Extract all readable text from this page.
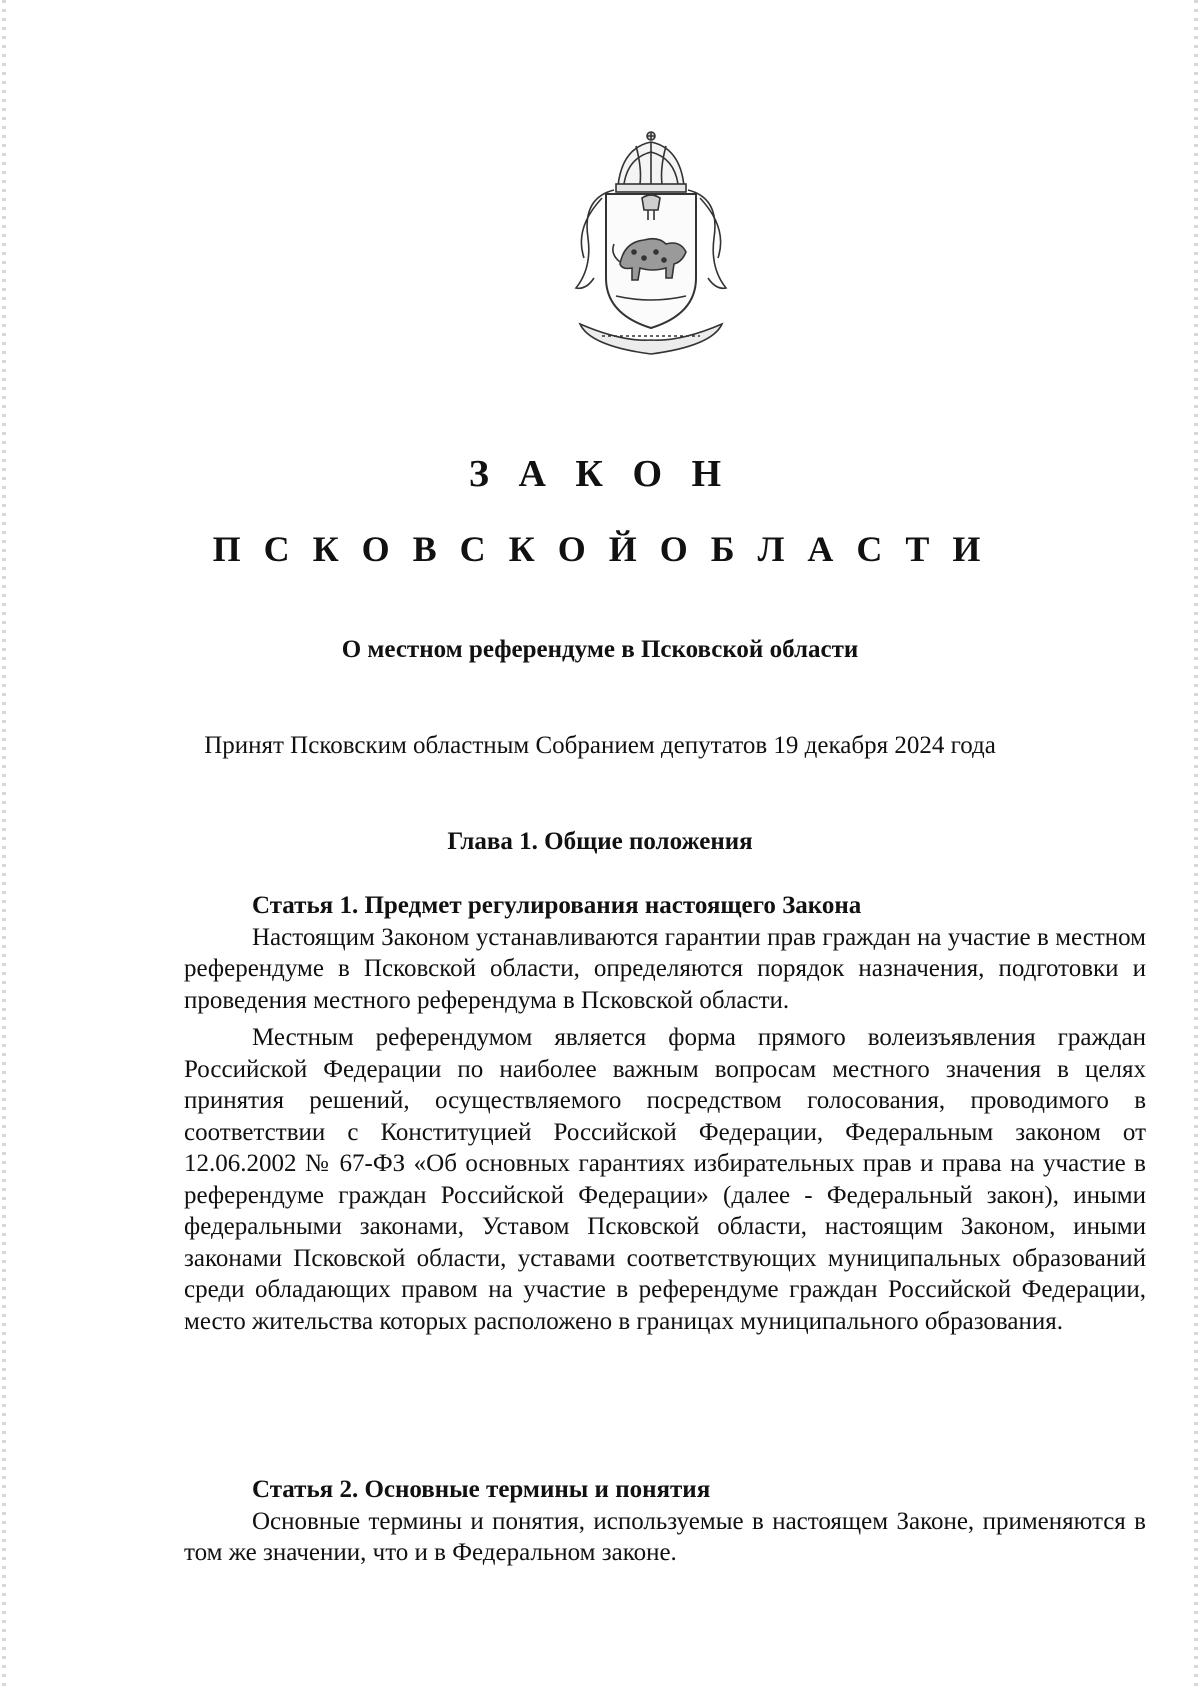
З А К О Н
П С К О В С К О Й О Б Л А С Т И
О местном референдуме в Псковской области
Принят Псковским областным Собранием депутатов 19 декабря 2024 года
Глава 1. Общие положения

Статья 1. Предмет регулирования настоящего Закона

Настоящим Законом устанавливаются гарантии прав граждан на участие в местном референдуме в Псковской области, определяются порядок назначения, подготовки и проведения местного референдума в Псковской области.

Местным референдумом является форма прямого волеизъявления граждан Российской Федерации по наиболее важным вопросам местного значения в целях принятия решений, осуществляемого посредством голосования, проводимого в соответствии с Конституцией Российской Федерации, Федеральным законом от 12.06.2002 № 67-ФЗ «Об основных гарантиях избирательных прав и права на участие в референдуме граждан Российской Федерации» (далее - Федеральный закон), иными федеральными законами, Уставом Псковской области, настоящим Законом, иными законами Псковской области, уставами соответствующих муниципальных образований среди обладающих правом на участие в референдуме граждан Российской Федерации, место жительства которых расположено в границах муниципального образования.

Статья 2. Основные термины и понятия

Основные термины и понятия, используемые в настоящем Законе, применяются в том же значении, что и в Федеральном законе.
